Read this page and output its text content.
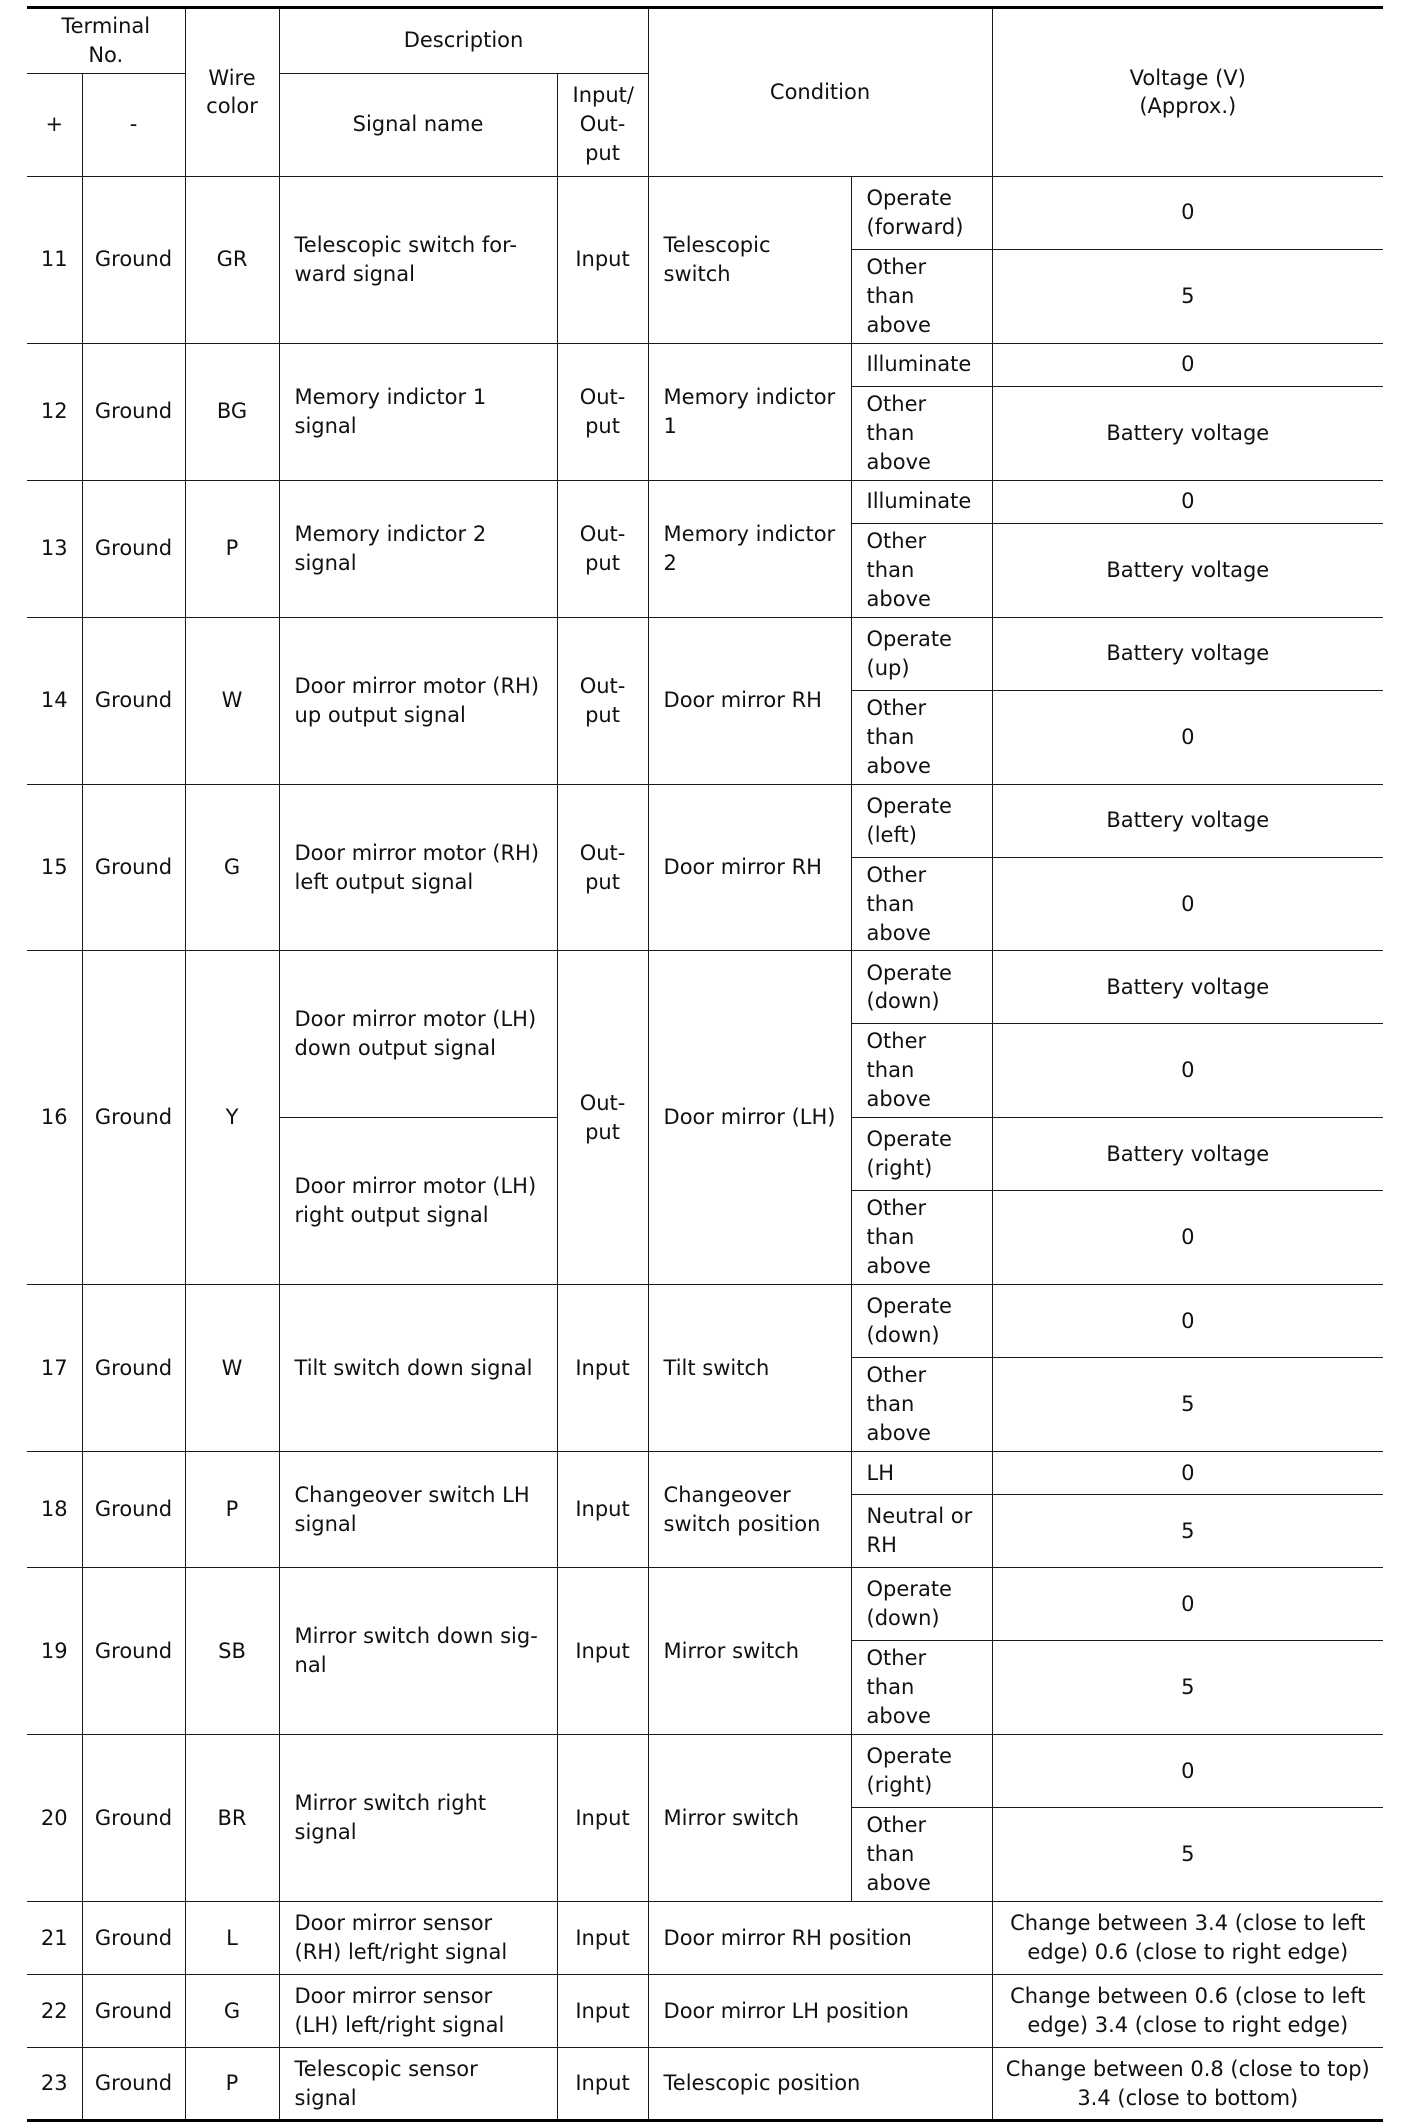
Terminal No.		Wire color	Description		Condition		Voltage (V)
(Approx.)
+	-		Signal name	Input/ Out- put			
11	Ground	GR	Telescopic switch for- ward signal	Input	Telescopic switch	Operate (forward)	0
						Other than above	5
12	Ground	BG	Memory indictor 1 signal	Out- put	Memory indictor 1	Illuminate	0
						Other than above	Battery voltage
13	Ground	P	Memory indictor 2 signal	Out- put	Memory indictor 2	Illuminate	0
						Other than above	Battery voltage
14	Ground	W	Door mirror motor (RH) up output signal	Out- put	Door mirror RH	Operate (up)	Battery voltage
						Other than above	0
15	Ground	G	Door mirror motor (RH) left output signal	Out- put	Door mirror RH	Operate (left)	Battery voltage
						Other than above	0
16	Ground	Y	Door mirror motor (LH) down output signal	Out- put	Door mirror (LH)	Operate (down)	Battery voltage
						Other than above	0
			Door mirror motor (LH) right output signal			Operate (right)	Battery voltage
						Other than above	0
17	Ground	W	Tilt switch down signal	Input	Tilt switch	Operate (down)	0
						Other than above	5
18	Ground	P	Changeover switch LH signal	Input	Changeover switch position	LH	0
						Neutral or RH	5
19	Ground	SB	Mirror switch down sig- nal	Input	Mirror switch	Operate (down)	0
						Other than above	5
20	Ground	BR	Mirror switch right signal	Input	Mirror switch	Operate (right)	0
						Other than above	5
21	Ground	L	Door mirror sensor (RH) left/right signal	Input	Door mirror RH position		Change between 3.4 (close to left edge) 0.6 (close to right edge)
22	Ground	G	Door mirror sensor (LH) left/right signal	Input	Door mirror LH position		Change between 0.6 (close to left edge) 3.4 (close to right edge)
23	Ground	P	Telescopic sensor signal	Input	Telescopic position		Change between 0.8 (close to top) 3.4 (close to bottom)
